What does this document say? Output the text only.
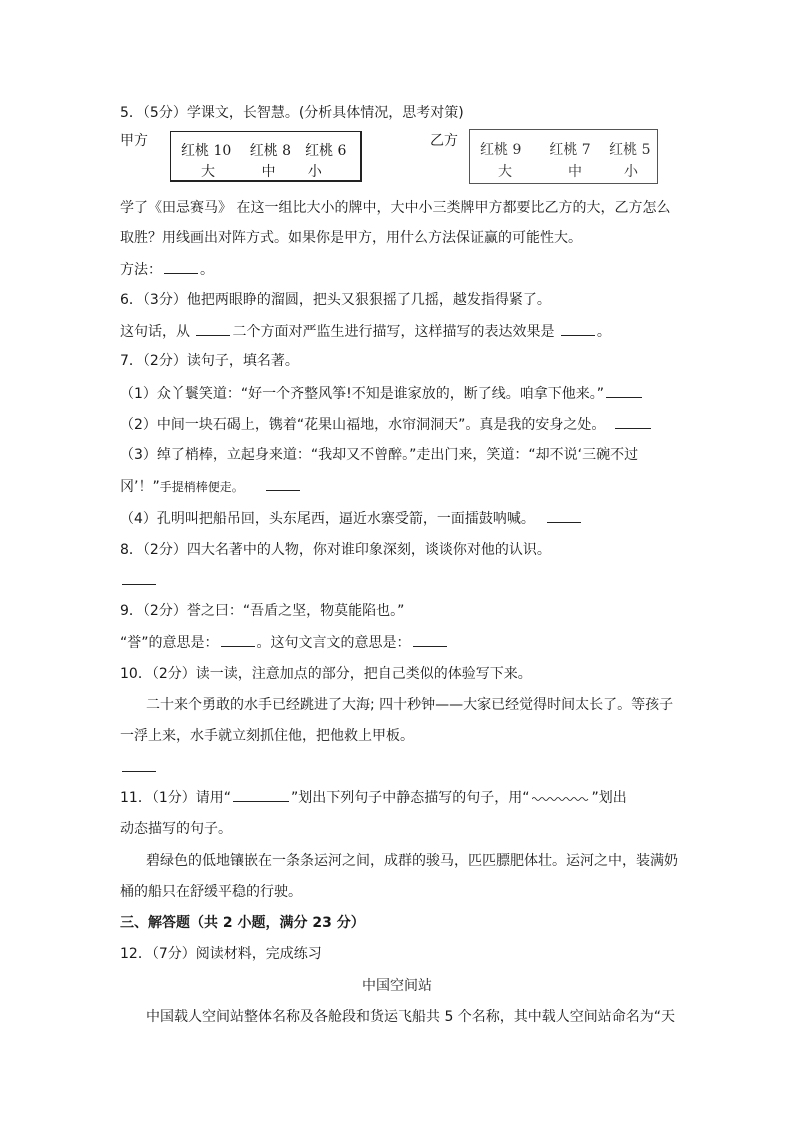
5．（5分）学课文，长智慧。(分析具体情况，思考对策)
甲方
红桃 10　 红桃 8　红桃 6
大　　　 中　　 小
乙方
红桃 9　　红桃 7　 红桃 5
大　　　　中　　　小
学了《田忌赛马》 在这一组比大小的牌中，大中小三类牌甲方都要比乙方的大，乙方怎么
取胜？用线画出对阵方式。如果你是甲方，用什么方法保证赢的可能性大。
方法：	。
6．（3分）他把两眼睁的溜圆，把头又狠狠摇了几摇，越发指得紧了。
这句话，从	二个方面对严监生进行描写，这样描写的表达效果是	。
7．（2分）读句子，填名著。
（1）众丫鬟笑道：“好一个齐整风筝!不知是谁家放的，断了线。咱拿下他来。”
（2）中间一块石碣上，镌着“花果山福地，水帘洞洞天”。真是我的安身之处。
（3）绰了梢棒，立起身来道：“我却又不曾醉。”走出门来，笑道：“却不说‘三碗不过
冈’！”手提梢棒便走。
（4）孔明叫把船吊回，头东尾西，逼近水寨受箭，一面擂鼓呐喊。
8．（2分）四大名著中的人物，你对谁印象深刻，谈谈你对他的认识。
9．（2分）誉之曰：“吾盾之坚，物莫能陷也。”
“誉”的意思是：	。这句文言文的意思是：
10．（2分）读一读，注意加点的部分，把自己类似的体验写下来。
二十来个勇敢的水手已经跳进了大海; 四十秒钟——大家已经觉得时间太长了。等孩子
一浮上来，水手就立刻抓住他，把他救上甲板。
11．（1分）请用“	”划出下列句子中静态描写的句子，用“	”划出
动态描写的句子。
碧绿色的低地镶嵌在一条条运河之间，成群的骏马，匹匹膘肥体壮。运河之中，装满奶
桶的船只在舒缓平稳的行驶。
三、解答题（共 2 小题，满分 23 分）
12．（7分）阅读材料，完成练习
中国空间站
中国载人空间站整体名称及各舱段和货运飞船共 5 个名称，其中载人空间站命名为“天
